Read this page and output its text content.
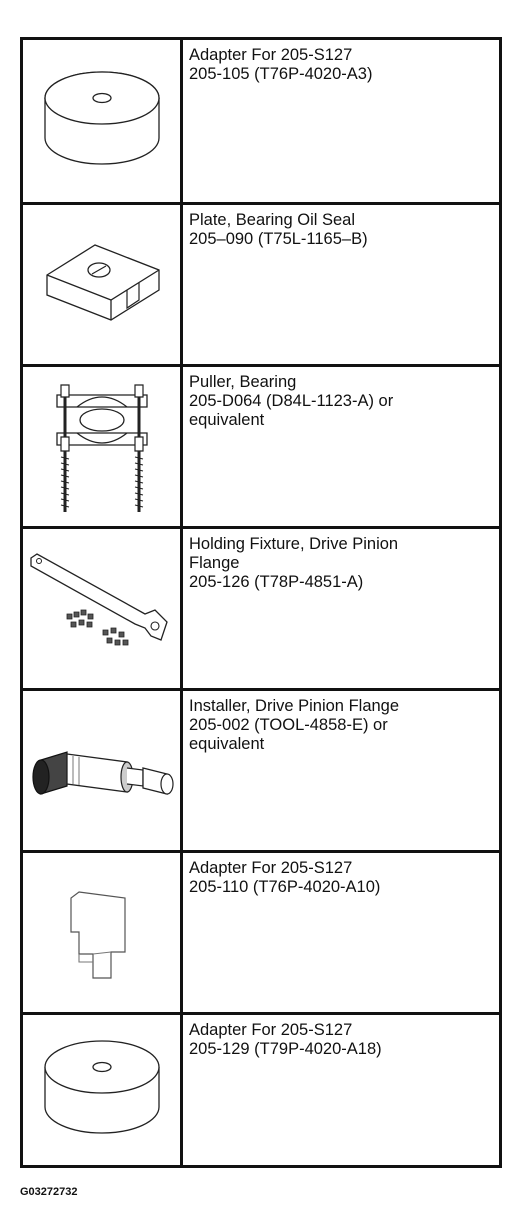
Adapter For 205-S127
205-105 (T76P-4020-A3)
Plate, Bearing Oil Seal
205–090 (T75L-1165–B)
Puller, Bearing
205-D064 (D84L-1123-A) or
equivalent
Holding Fixture, Drive Pinion
Flange
205-126 (T78P-4851-A)
Installer, Drive Pinion Flange
205-002 (TOOL-4858-E) or
equivalent
Adapter For 205-S127
205-110 (T76P-4020-A10)
Adapter For 205-S127
205-129 (T79P-4020-A18)
G03272732
